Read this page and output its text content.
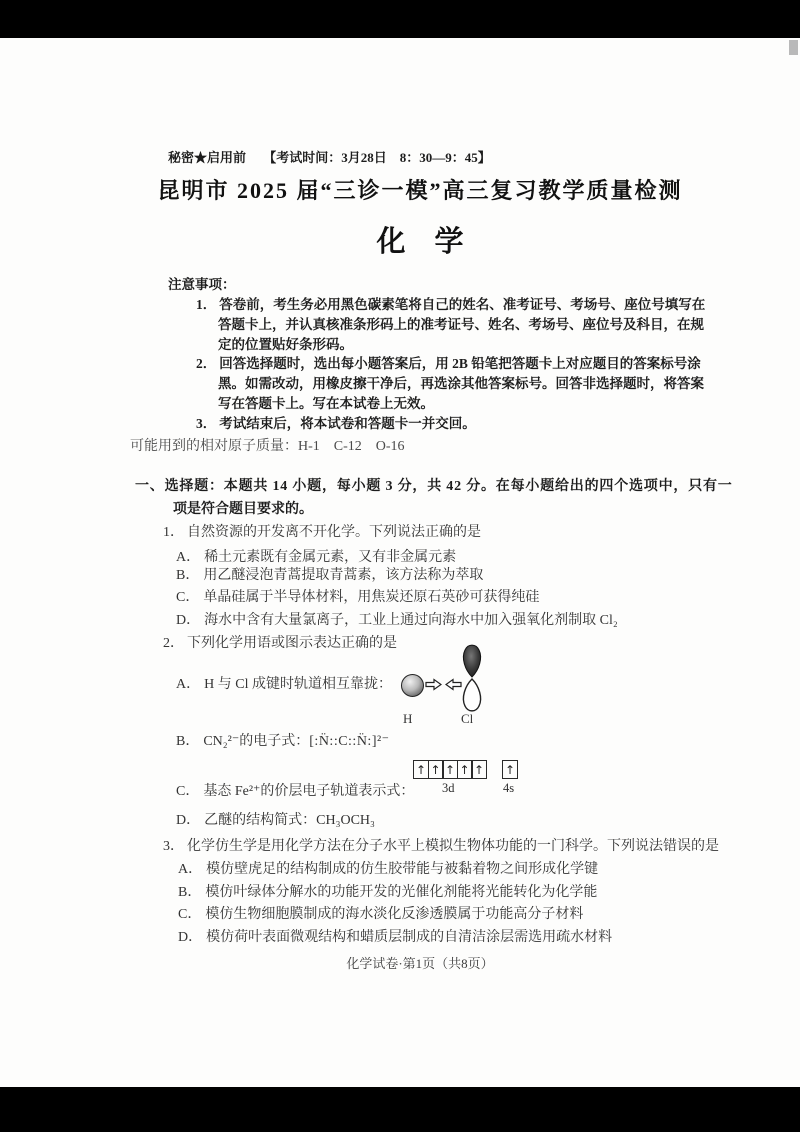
秘密★启用前 【考试时间：3月28日　8：30—9：45】
昆明市 2025 届“三诊一模”高三复习教学质量检测
化　学
注意事项：
1． 答卷前，考生务必用黑色碳素笔将自己的姓名、准考证号、考场号、座位号填写在
答题卡上，并认真核准条形码上的准考证号、姓名、考场号、座位号及科目，在规
定的位置贴好条形码。
2． 回答选择题时，选出每小题答案后，用 2B 铅笔把答题卡上对应题目的答案标号涂
黑。如需改动，用橡皮擦干净后，再选涂其他答案标号。回答非选择题时，将答案
写在答题卡上。写在本试卷上无效。
3． 考试结束后，将本试卷和答题卡一并交回。
可能用到的相对原子质量：H-1　C-12　O-16
一、选择题：本题共 14 小题，每小题 3 分，共 42 分。在每小题给出的四个选项中，只有一
项是符合题目要求的。
1． 自然资源的开发离不开化学。下列说法正确的是
A． 稀土元素既有金属元素，又有非金属元素
B． 用乙醚浸泡青蒿提取青蒿素，该方法称为萃取
C． 单晶硅属于半导体材料，用焦炭还原石英砂可获得纯硅
D． 海水中含有大量氯离子，工业上通过向海水中加入强氧化剂制取 Cl₂
2． 下列化学用语或图示表达正确的是
A． H 与 Cl 成键时轨道相互靠拢：
H	Cl
B． CN₂²⁻的电子式：[:N̈::C::N̈:]²⁻
C． 基态 Fe²⁺的价层电子轨道表示式：
↑ ↑ ↑ ↑ ↑ ↑
3d	4s
D． 乙醚的结构简式：CH₃OCH₃
3． 化学仿生学是用化学方法在分子水平上模拟生物体功能的一门科学。下列说法错误的是
A． 模仿壁虎足的结构制成的仿生胶带能与被黏着物之间形成化学键
B． 模仿叶绿体分解水的功能开发的光催化剂能将光能转化为化学能
C． 模仿生物细胞膜制成的海水淡化反渗透膜属于功能高分子材料
D． 模仿荷叶表面微观结构和蜡质层制成的自清洁涂层需选用疏水材料
化学试卷·第1页（共8页）
